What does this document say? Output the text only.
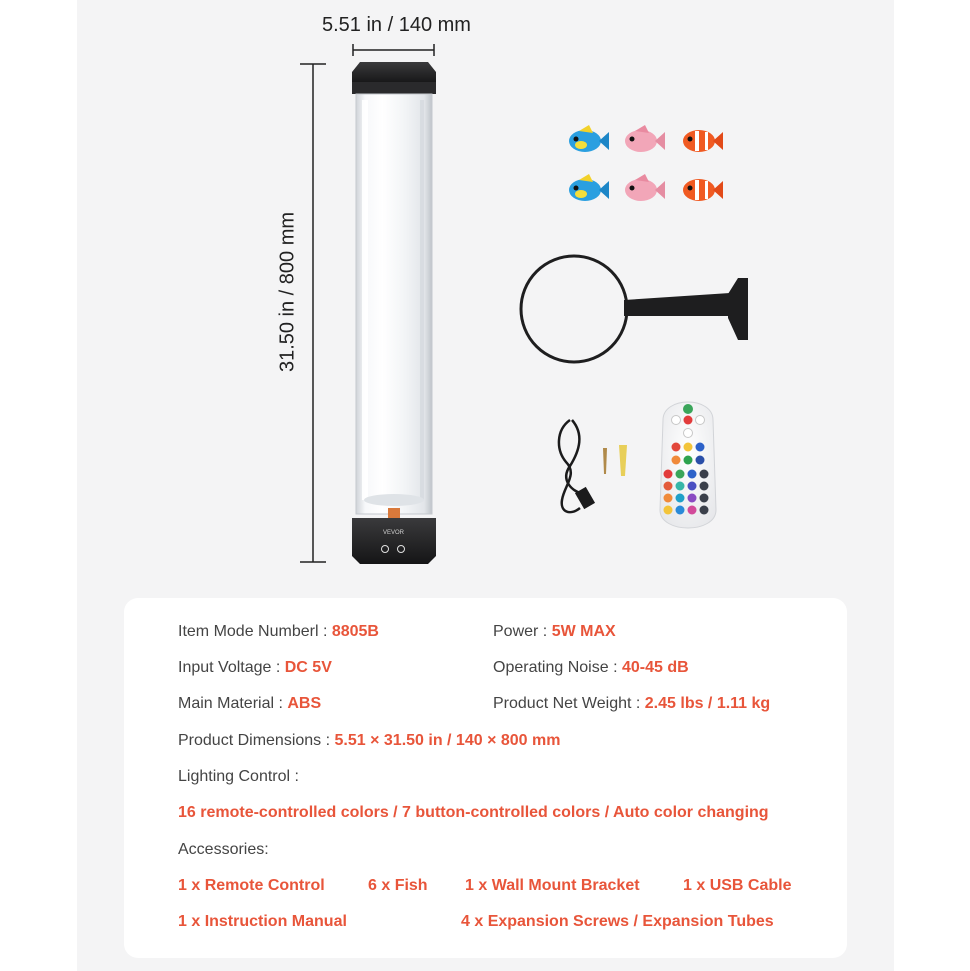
VEVOR
5.51 in / 140 mm
31.50 in / 800 mm
Item Mode Numberl : 8805B	Power : 5W MAX
Input Voltage : DC 5V	Operating Noise : 40-45 dB
Main Material : ABS	Product Net Weight : 2.45 lbs / 1.11 kg
Product Dimensions : 5.51 × 31.50 in / 140 × 800 mm
Lighting Control :
16 remote-controlled colors / 7 button-controlled colors / Auto color changing
Accessories:
1 x Remote Control	6 x Fish 1 x Wall Mount Bracket	1 x USB Cable
1 x Instruction Manual	4 x Expansion Screws / Expansion Tubes
